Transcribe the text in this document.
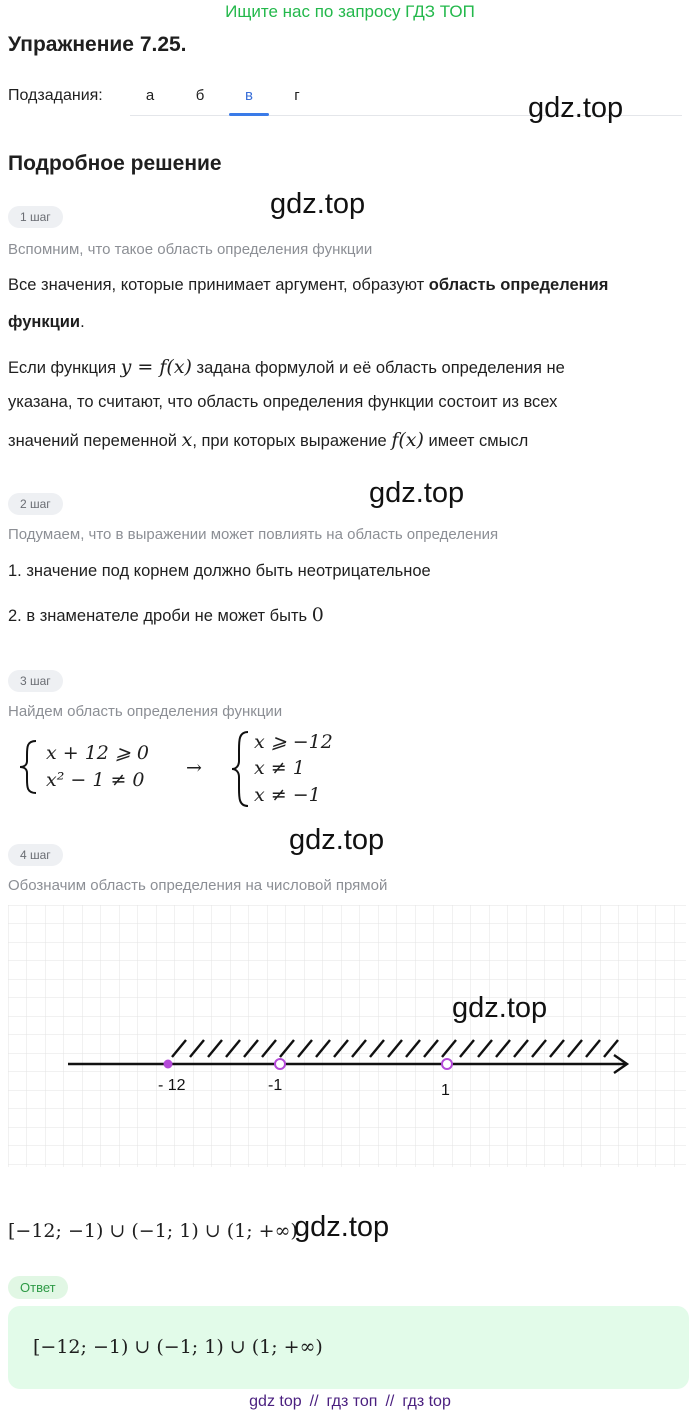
Ищите нас по запросу ГДЗ ТОП
Упражнение 7.25.
Подзадания:	а	б	в	г	gdz.top
gdz.top
gdz.top
gdz.top
Подробное решение
1 шаг
Вспомним, что такое область определения функции
Все значения, которые принимает аргумент, образуют область определения
функции.
Если функция y = f(x) задана формулой и её область определения не
указана, то считают, что область определения функции состоит из всех
значений переменной x, при которых выражение f(x) имеет смысл
2 шаг
Подумаем, что в выражении может повлиять на область определения
1. значение под корнем должно быть неотрицательное
2. в знаменателе дроби не может быть 0
3 шаг
Найдем область определения функции
x + 12 ⩾ 0
x² − 1 ≠ 0
→
x ⩾ −12
x ≠ 1
x ≠ −1
4 шаг
Обозначим область определения на числовой прямой
- 12	-1	1
gdz.top
[−12; −1) ∪ (−1; 1) ∪ (1; +∞)
gdz.top
Ответ
[−12; −1) ∪ (−1; 1) ∪ (1; +∞)
gdz top // гдз топ // гдз top
